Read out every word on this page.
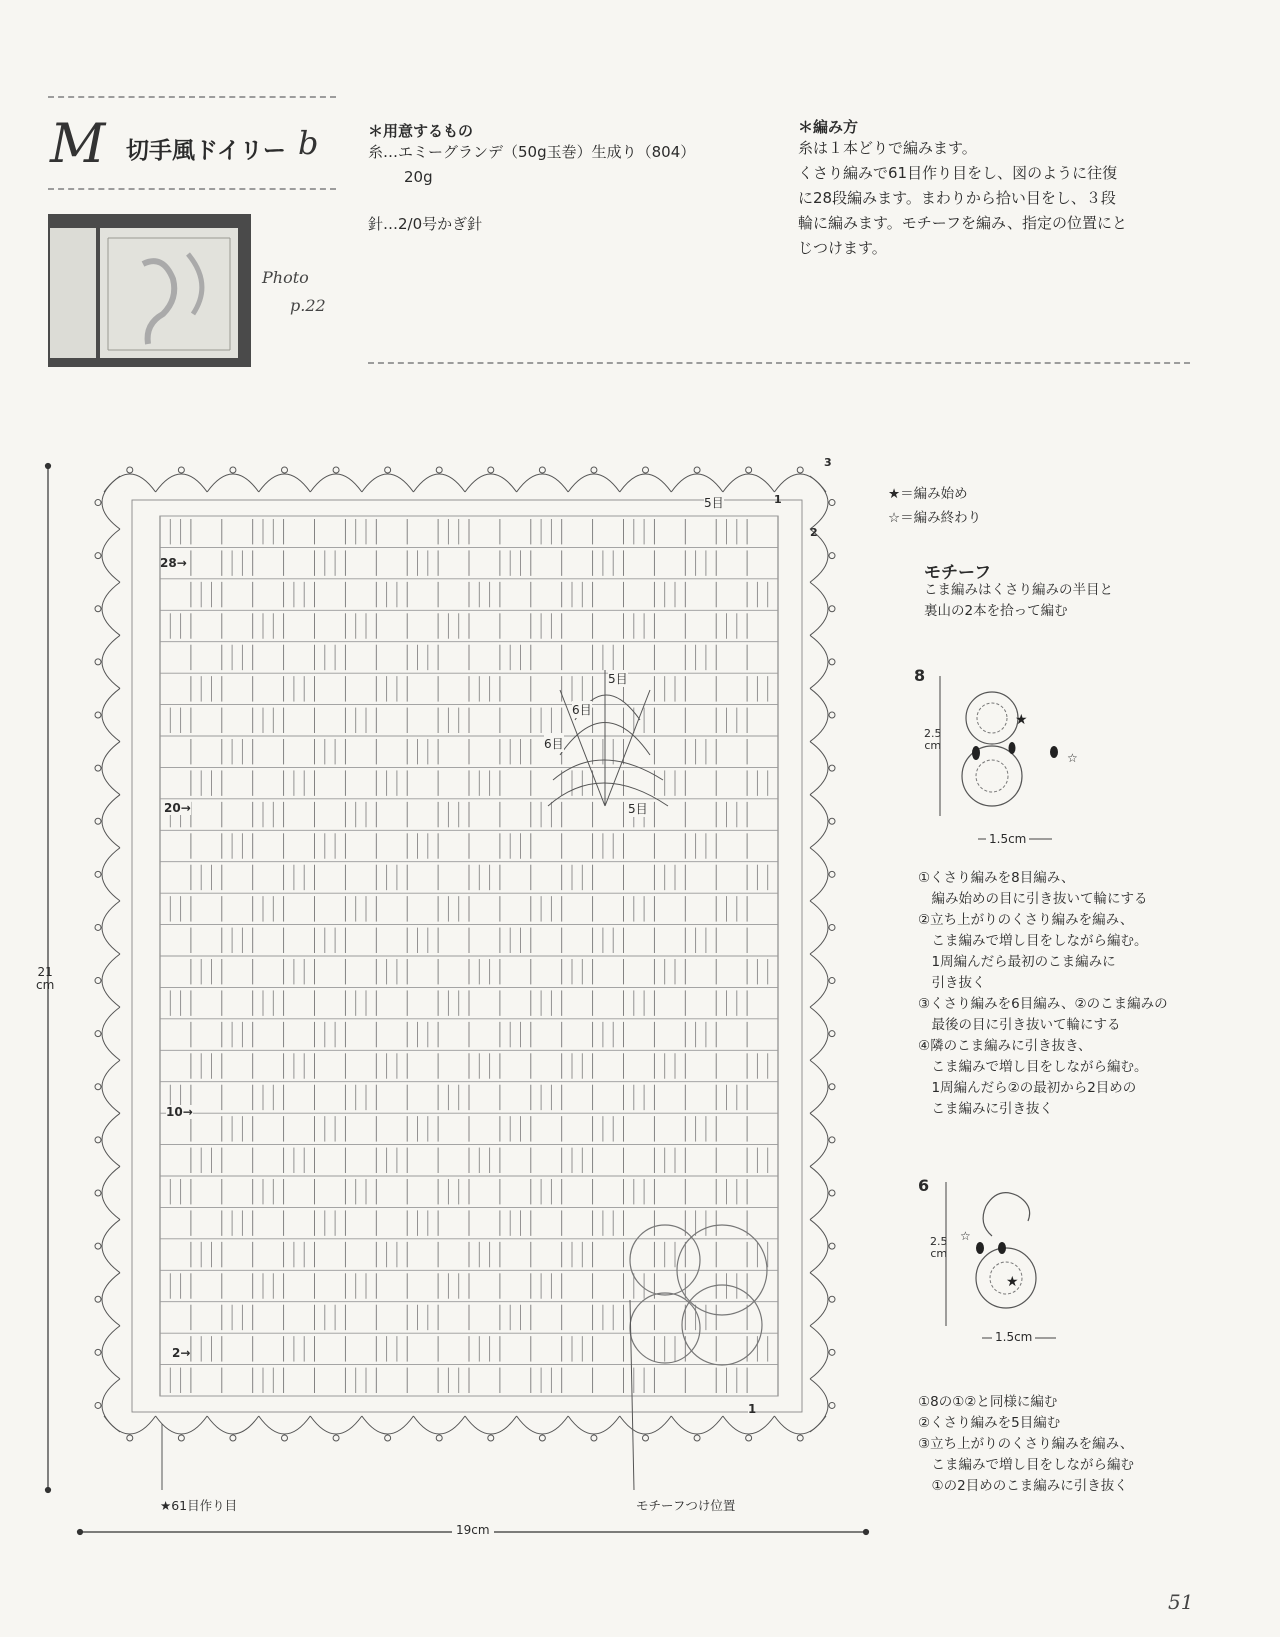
M 切手風ドイリー b
Photo
p.22
＊用意するもの
糸…エミーグランデ（50g玉巻）生成り（804）
20g
針…2/0号かぎ針
＊編み方
糸は１本どりで編みます。
くさり編みで61目作り目をし、図のように往復
に28段編みます。まわりから拾い目をし、３段
輪に編みます。モチーフを編み、指定の位置にと
じつけます。
21
cm
19cm
28→
20→
10→
2→
1
1
2
3
5目
5目
6目
6目
5目
★61目作り目	モチーフつけ位置
★＝編み始め
☆＝編み終わり
モチーフ
こま編みはくさり編みの半目と
裏山の2本を拾って編む
8
2.5
cm
★
☆
1.5cm
①くさり編みを8目編み、
　編み始めの目に引き抜いて輪にする
②立ち上がりのくさり編みを編み、
　こま編みで増し目をしながら編む。
　1周編んだら最初のこま編みに
　引き抜く
③くさり編みを6目編み、②のこま編みの
　最後の目に引き抜いて輪にする
④隣のこま編みに引き抜き、
　こま編みで増し目をしながら編む。
　1周編んだら②の最初から2目めの
　こま編みに引き抜く
6
2.5
cm
★
☆
1.5cm
①8の①②と同様に編む
②くさり編みを5目編む
③立ち上がりのくさり編みを編み、
　こま編みで増し目をしながら編む
　①の2目めのこま編みに引き抜く
51
